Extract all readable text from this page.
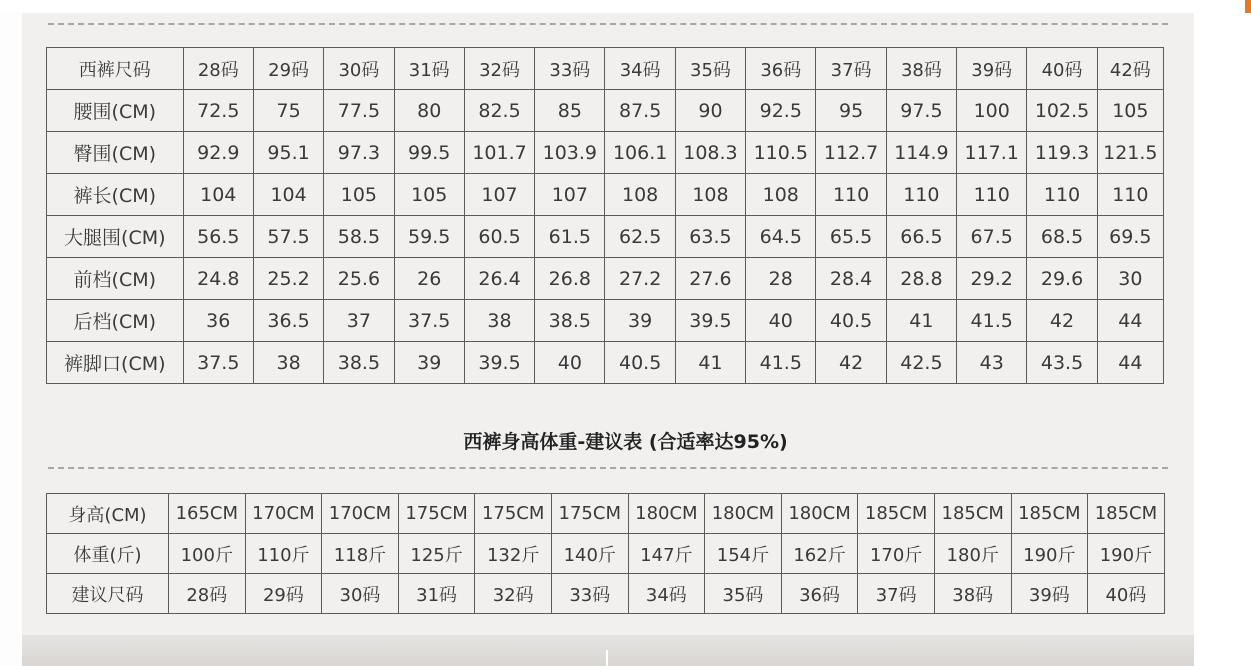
西裤尺码	28码	29码	30码	31码	32码	33码	34码	35码	36码	37码	38码	39码	40码	42码
腰围(CM)	72.5	75	77.5	80	82.5	85	87.5	90	92.5	95	97.5	100	102.5	105
臀围(CM)	92.9	95.1	97.3	99.5	101.7	103.9	106.1	108.3	110.5	112.7	114.9	117.1	119.3	121.5
裤长(CM)	104	104	105	105	107	107	108	108	108	110	110	110	110	110
大腿围(CM)	56.5	57.5	58.5	59.5	60.5	61.5	62.5	63.5	64.5	65.5	66.5	67.5	68.5	69.5
前档(CM)	24.8	25.2	25.6	26	26.4	26.8	27.2	27.6	28	28.4	28.8	29.2	29.6	30
后档(CM)	36	36.5	37	37.5	38	38.5	39	39.5	40	40.5	41	41.5	42	44
裤脚口(CM)	37.5	38	38.5	39	39.5	40	40.5	41	41.5	42	42.5	43	43.5	44
西裤身高体重-建议表 (合适率达95%)
身高(CM)	165CM	170CM	170CM	175CM	175CM	175CM	180CM	180CM	180CM	185CM	185CM	185CM	185CM
体重(斤)	100斤	110斤	118斤	125斤	132斤	140斤	147斤	154斤	162斤	170斤	180斤	190斤	190斤
建议尺码	28码	29码	30码	31码	32码	33码	34码	35码	36码	37码	38码	39码	40码
